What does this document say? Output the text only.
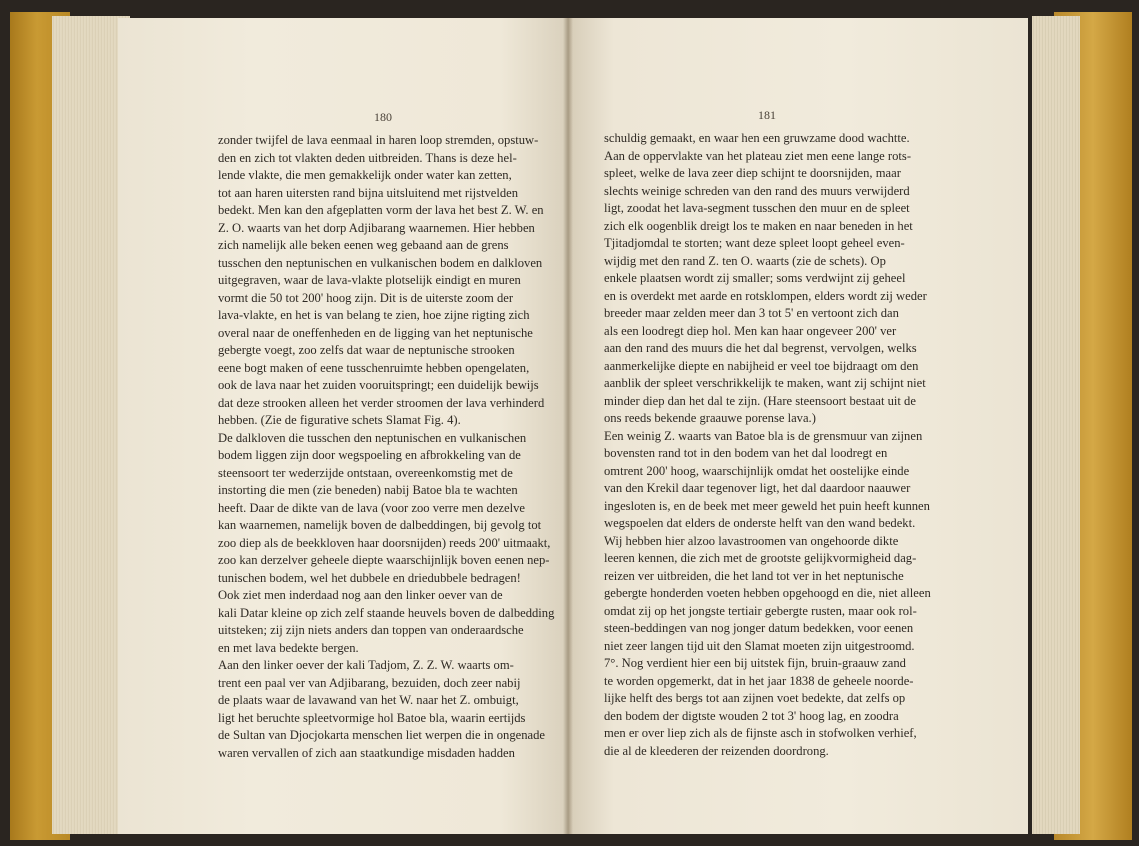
180
zonder twijfel de lava eenmaal in haren loop stremden, opstuw-
den en zich tot vlakten deden uitbreiden. Thans is deze hel-
lende vlakte, die men gemakkelijk onder water kan zetten,
tot aan haren uitersten rand bijna uitsluitend met rijstvelden
bedekt. Men kan den afgeplatten vorm der lava het best Z. W. en
Z. O. waarts van het dorp Adjibarang waarnemen. Hier hebben
zich namelijk alle beken eenen weg gebaand aan de grens
tusschen den neptunischen en vulkanischen bodem en dalkloven
uitgegraven, waar de lava-vlakte plotselijk eindigt en muren
vormt die 50 tot 200' hoog zijn. Dit is de uiterste zoom der
lava-vlakte, en het is van belang te zien, hoe zijne rigting zich
overal naar de oneffenheden en de ligging van het neptunische
gebergte voegt, zoo zelfs dat waar de neptunische strooken
eene bogt maken of eene tusschenruimte hebben opengelaten,
ook de lava naar het zuiden vooruitspringt; een duidelijk bewijs
dat deze strooken alleen het verder stroomen der lava verhinderd
hebben. (Zie de figurative schets Slamat Fig. 4).
De dalkloven die tusschen den neptunischen en vulkanischen
bodem liggen zijn door wegspoeling en afbrokkeling van de
steensoort ter wederzijde ontstaan, overeenkomstig met de
instorting die men (zie beneden) nabij Batoe bla te wachten
heeft. Daar de dikte van de lava (voor zoo verre men dezelve
kan waarnemen, namelijk boven de dalbeddingen, bij gevolg tot
zoo diep als de beekkloven haar doorsnijden) reeds 200' uitmaakt,
zoo kan derzelver geheele diepte waarschijnlijk boven eenen nep-
tunischen bodem, wel het dubbele en driedubbele bedragen!
Ook ziet men inderdaad nog aan den linker oever van de
kali Datar kleine op zich zelf staande heuvels boven de dalbedding
uitsteken; zij zijn niets anders dan toppen van onderaardsche
en met lava bedekte bergen.
Aan den linker oever der kali Tadjom, Z. Z. W. waarts om-
trent een paal ver van Adjibarang, bezuiden, doch zeer nabij
de plaats waar de lavawand van het W. naar het Z. ombuigt,
ligt het beruchte spleetvormige hol Batoe bla, waarin eertijds
de Sultan van Djocjokarta menschen liet werpen die in ongenade
waren vervallen of zich aan staatkundige misdaden hadden
181
schuldig gemaakt, en waar hen een gruwzame dood wachtte.
Aan de oppervlakte van het plateau ziet men eene lange rots-
spleet, welke de lava zeer diep schijnt te doorsnijden, maar
slechts weinige schreden van den rand des muurs verwijderd
ligt, zoodat het lava-segment tusschen den muur en de spleet
zich elk oogenblik dreigt los te maken en naar beneden in het
Tjitadjomdal te storten; want deze spleet loopt geheel even-
wijdig met den rand Z. ten O. waarts (zie de schets). Op
enkele plaatsen wordt zij smaller; soms verdwijnt zij geheel
en is overdekt met aarde en rotsklompen, elders wordt zij weder
breeder maar zelden meer dan 3 tot 5' en vertoont zich dan
als een loodregt diep hol. Men kan haar ongeveer 200' ver
aan den rand des muurs die het dal begrenst, vervolgen, welks
aanmerkelijke diepte en nabijheid er veel toe bijdraagt om den
aanblik der spleet verschrikkelijk te maken, want zij schijnt niet
minder diep dan het dal te zijn. (Hare steensoort bestaat uit de
ons reeds bekende graauwe porense lava.)
Een weinig Z. waarts van Batoe bla is de grensmuur van zijnen
bovensten rand tot in den bodem van het dal loodregt en
omtrent 200' hoog, waarschijnlijk omdat het oostelijke einde
van den Krekil daar tegenover ligt, het dal daardoor naauwer
ingesloten is, en de beek met meer geweld het puin heeft kunnen
wegspoelen dat elders de onderste helft van den wand bedekt.
Wij hebben hier alzoo lavastroomen van ongehoorde dikte
leeren kennen, die zich met de grootste gelijkvormigheid dag-
reizen ver uitbreiden, die het land tot ver in het neptunische
gebergte honderden voeten hebben opgehoogd en die, niet alleen
omdat zij op het jongste tertiair gebergte rusten, maar ook rol-
steen-beddingen van nog jonger datum bedekken, voor eenen
niet zeer langen tijd uit den Slamat moeten zijn uitgestroomd.
7°. Nog verdient hier een bij uitstek fijn, bruin-graauw zand
te worden opgemerkt, dat in het jaar 1838 de geheele noorde-
lijke helft des bergs tot aan zijnen voet bedekte, dat zelfs op
den bodem der digtste wouden 2 tot 3' hoog lag, en zoodra
men er over liep zich als de fijnste asch in stofwolken verhief,
die al de kleederen der reizenden doordrong.
